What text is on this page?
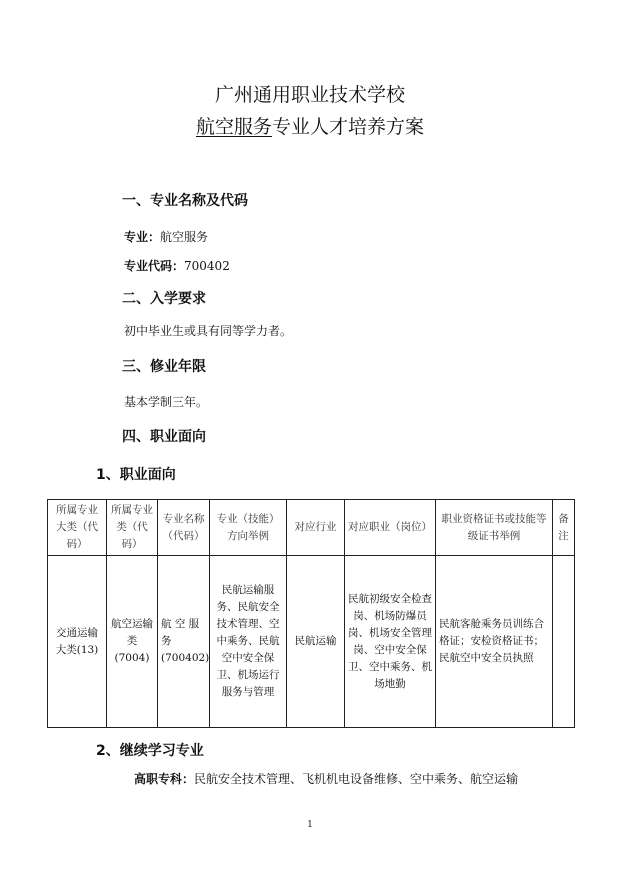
广州通用职业技术学校
航空服务专业人才培养方案
一、专业名称及代码
专业：航空服务
专业代码：700402
二、入学要求
初中毕业生或具有同等学力者。
三、修业年限
基本学制三年。
四、职业面向
1、职业面向
所属专业大类（代码）	所属专业类（代码）	专业名称（代码）	专业（技能）方向举例	对应行业	对应职业（岗位）	职业资格证书或技能等级证书举例	备注
交通运输大类(13)	航空运输类(7004)	航 空 服 务 (700402)	民航运输服务、民航安全技术管理、空中乘务、民航空中安全保卫、机场运行服务与管理	民航运输	民航初级安全检查岗、机场防爆员岗、机场安全管理岗、空中安全保卫、空中乘务、机场地勤	民航客舱乘务员训练合格证；安检资格证书；民航空中安全员执照	
2、继续学习专业
高职专科：民航安全技术管理、飞机机电设备维修、空中乘务、航空运输
1
